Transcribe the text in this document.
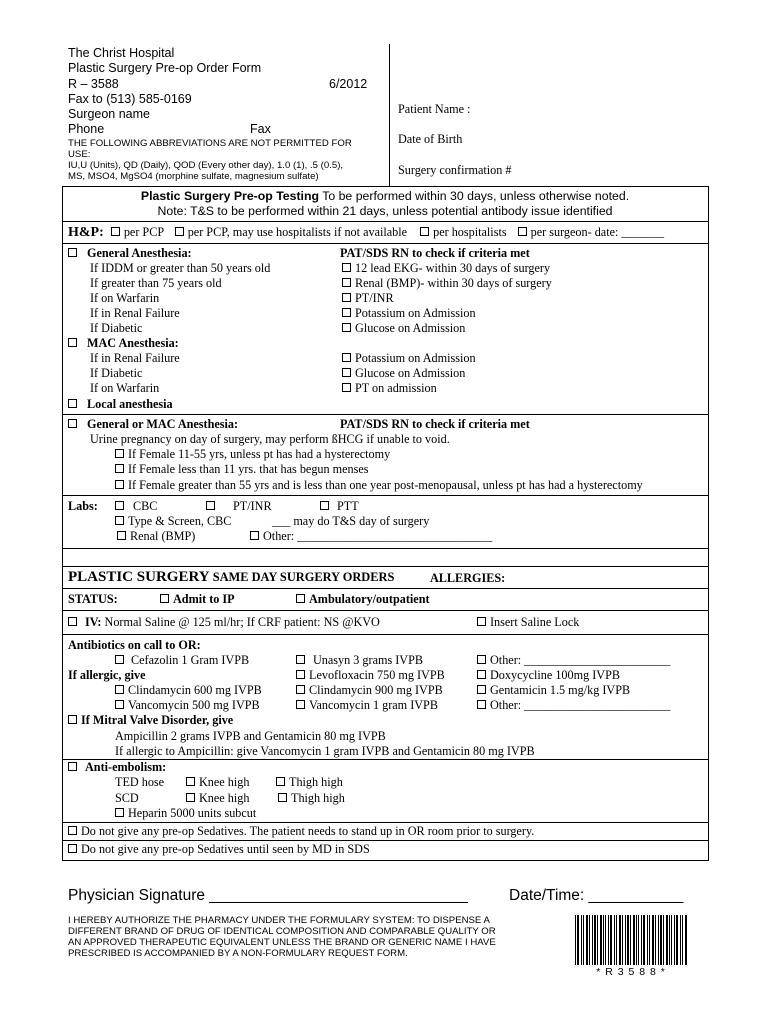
The Christ Hospital
Plastic Surgery Pre-op Order Form
R – 3588	6/2012
Fax to (513) 585-0169
Surgeon name
Phone	Fax
THE FOLLOWING ABBREVIATIONS ARE NOT PERMITTED FOR
USE:
IU,U (Units), QD (Daily), QOD (Every other day), 1.0 (1), .5 (0.5),
MS, MSO4, MgSO4 (morphine sulfate, magnesium sulfate)
Patient Name :
Date of Birth
Surgery confirmation #
Plastic Surgery Pre-op Testing To be performed within 30 days, unless otherwise noted.
Note: T&S to be performed within 21 days, unless potential antibody issue identified
H&P: per PCP per PCP, may use hospitalists if not available per hospitalists per surgeon- date: _______
General Anesthesia:	PAT/SDS RN to check if criteria met
If IDDM or greater than 50 years old	12 lead EKG- within 30 days of surgery
If greater than 75 years old	Renal (BMP)- within 30 days of surgery
If on Warfarin	PT/INR
If in Renal Failure	Potassium on Admission
If Diabetic	Glucose on Admission
MAC Anesthesia:
If in Renal Failure	Potassium on Admission
If Diabetic	Glucose on Admission
If on Warfarin	PT on admission
Local anesthesia
General or MAC Anesthesia:	PAT/SDS RN to check if criteria met
Urine pregnancy on day of surgery, may perform ßHCG if unable to void.
If Female 11-55 yrs, unless pt has had a hysterectomy
If Female less than 11 yrs. that has begun menses
If Female greater than 55 yrs and is less than one year post-menopausal, unless pt has had a hysterectomy
Labs:	CBC	PT/INR	PTT
Type & Screen, CBC	___ may do T&S day of surgery
Renal (BMP)	Other: ________________________________
PLASTIC SURGERY SAME DAY SURGERY ORDERS	ALLERGIES:
STATUS:	Admit to IP	Ambulatory/outpatient
IV: Normal Saline @ 125 ml/hr; If CRF patient: NS @KVO	Insert Saline Lock
Antibiotics on call to OR:
Cefazolin 1 Gram IVPB	Unasyn 3 grams IVPB	Other: ________________________
If allergic, give	Levofloxacin 750 mg IVPB	Doxycycline 100mg IVPB
Clindamycin 600 mg IVPB	Clindamycin 900 mg IVPB	Gentamicin 1.5 mg/kg IVPB
Vancomycin 500 mg IVPB	Vancomycin 1 gram IVPB	Other: ________________________
If Mitral Valve Disorder, give
Ampicillin 2 grams IVPB and Gentamicin 80 mg IVPB
If allergic to Ampicillin: give Vancomycin 1 gram IVPB and Gentamicin 80 mg IVPB
Anti-embolism:
TED hose	Knee high	Thigh high
SCD	Knee high	Thigh high
Heparin 5000 units subcut
Do not give any pre-op Sedatives. The patient needs to stand up in OR room prior to surgery.
Do not give any pre-op Sedatives until seen by MD in SDS
Physician Signature ______________________________	Date/Time: ___________
I HEREBY AUTHORIZE THE PHARMACY UNDER THE FORMULARY SYSTEM: TO DISPENSE A
DIFFERENT BRAND OF DRUG OF IDENTICAL COMPOSITION AND COMPARABLE QUALITY OR
AN APPROVED THERAPEUTIC EQUIVALENT UNLESS THE BRAND OR GENERIC NAME I HAVE
PRESCRIBED IS ACCOMPANIED BY A NON-FORMULARY REQUEST FORM.
* R 3 5 8 8 *
